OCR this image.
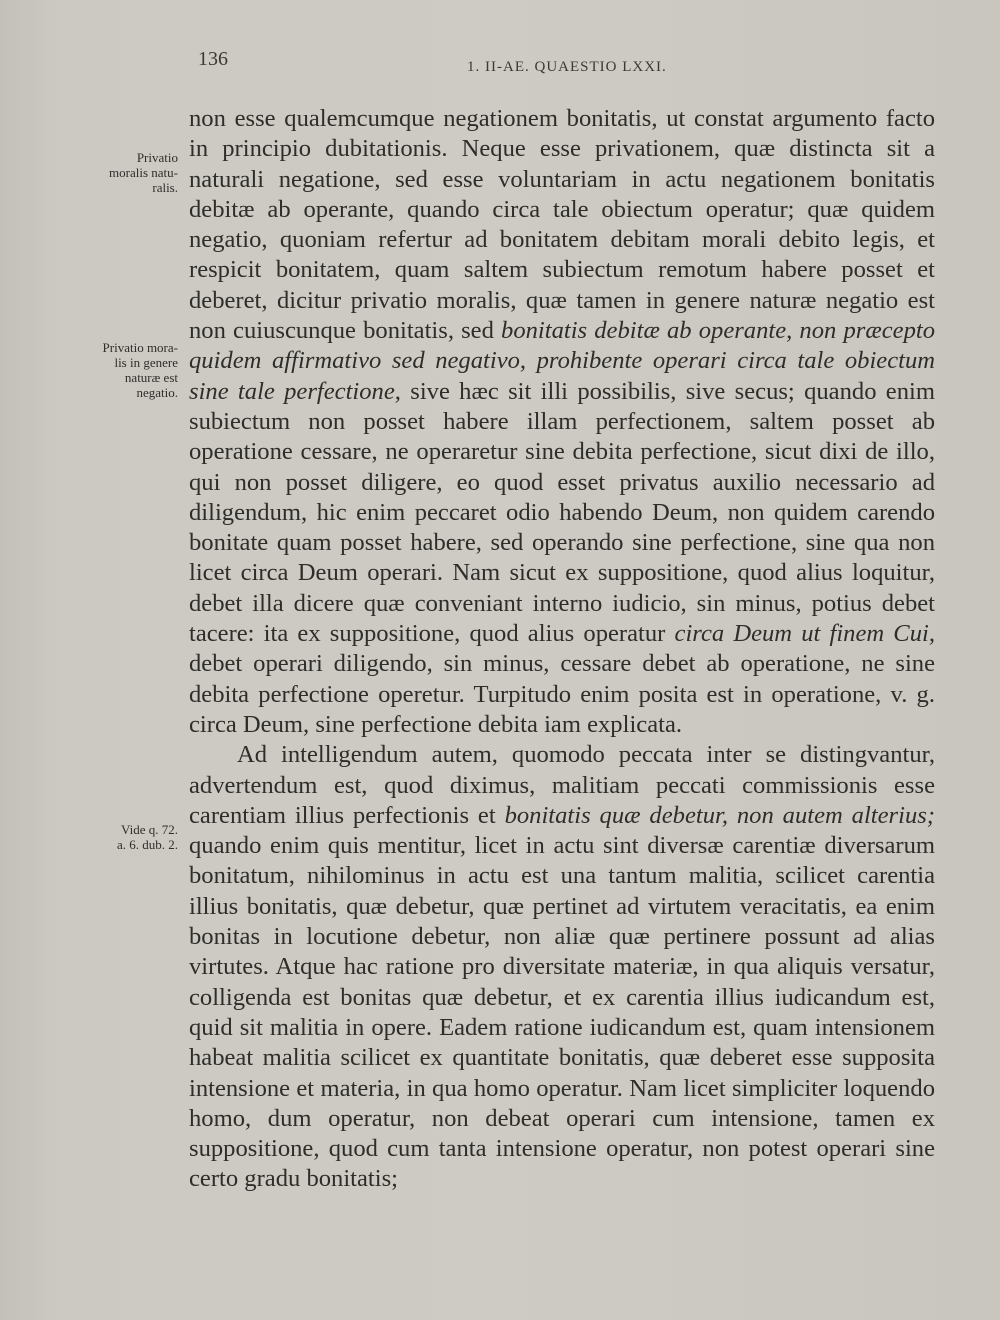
136	1. II-AE. QUAESTIO LXXI.
Privatio
moralis natu-
ralis.
Privatio mora-
lis in genere
naturæ est
negatio.
Vide q. 72.
a. 6. dub. 2.

non esse qualemcumque negationem bonitatis, ut constat argumento facto in principio dubitationis. Neque esse privationem, quæ distincta sit a naturali negatione, sed esse voluntariam in actu negationem bonitatis debitæ ab operante, quando circa tale obiectum operatur; quæ quidem negatio, quoniam refertur ad bonitatem debitam morali debito legis, et respicit bonitatem, quam saltem subiectum remotum habere posset et deberet, dicitur privatio moralis, quæ tamen in genere naturæ negatio est non cuiuscunque bonitatis, sed bonitatis debitæ ab operante, non præcepto quidem affirmativo sed negativo, prohibente operari circa tale obiectum sine tale perfectione, sive hæc sit illi possibilis, sive secus; quando enim subiectum non posset habere illam perfectionem, saltem posset ab operatione cessare, ne operaretur sine debita perfectione, sicut dixi de illo, qui non posset diligere, eo quod esset privatus auxilio necessario ad diligendum, hic enim peccaret odio habendo Deum, non quidem carendo bonitate quam posset habere, sed operando sine perfectione, sine qua non licet circa Deum operari. Nam sicut ex suppositione, quod alius loquitur, debet illa dicere quæ conveniant interno iudicio, sin minus, potius debet tacere: ita ex suppositione, quod alius operatur circa Deum ut finem Cui, debet operari diligendo, sin minus, cessare debet ab operatione, ne sine debita perfectione operetur. Turpitudo enim posita est in operatione, v. g. circa Deum, sine perfectione debita iam explicata.

Ad intelligendum autem, quomodo peccata inter se distingvantur, advertendum est, quod diximus, malitiam peccati commissionis esse carentiam illius perfectionis et bonitatis quæ debetur, non autem alterius; quando enim quis mentitur, licet in actu sint diversæ carentiæ diversarum bonitatum, nihilominus in actu est una tantum malitia, scilicet carentia illius bonitatis, quæ debetur, quæ pertinet ad virtutem veracitatis, ea enim bonitas in locutione debetur, non aliæ quæ pertinere possunt ad alias virtutes. Atque hac ratione pro diversitate materiæ, in qua aliquis versatur, colligenda est bonitas quæ debetur, et ex carentia illius iudicandum est, quid sit malitia in opere. Eadem ratione iudicandum est, quam intensionem habeat malitia scilicet ex quantitate bonitatis, quæ deberet esse supposita intensione et materia, in qua homo operatur. Nam licet simpliciter loquendo homo, dum operatur, non debeat operari cum intensione, tamen ex suppositione, quod cum tanta intensione operatur, non potest operari sine certo gradu bonitatis;
